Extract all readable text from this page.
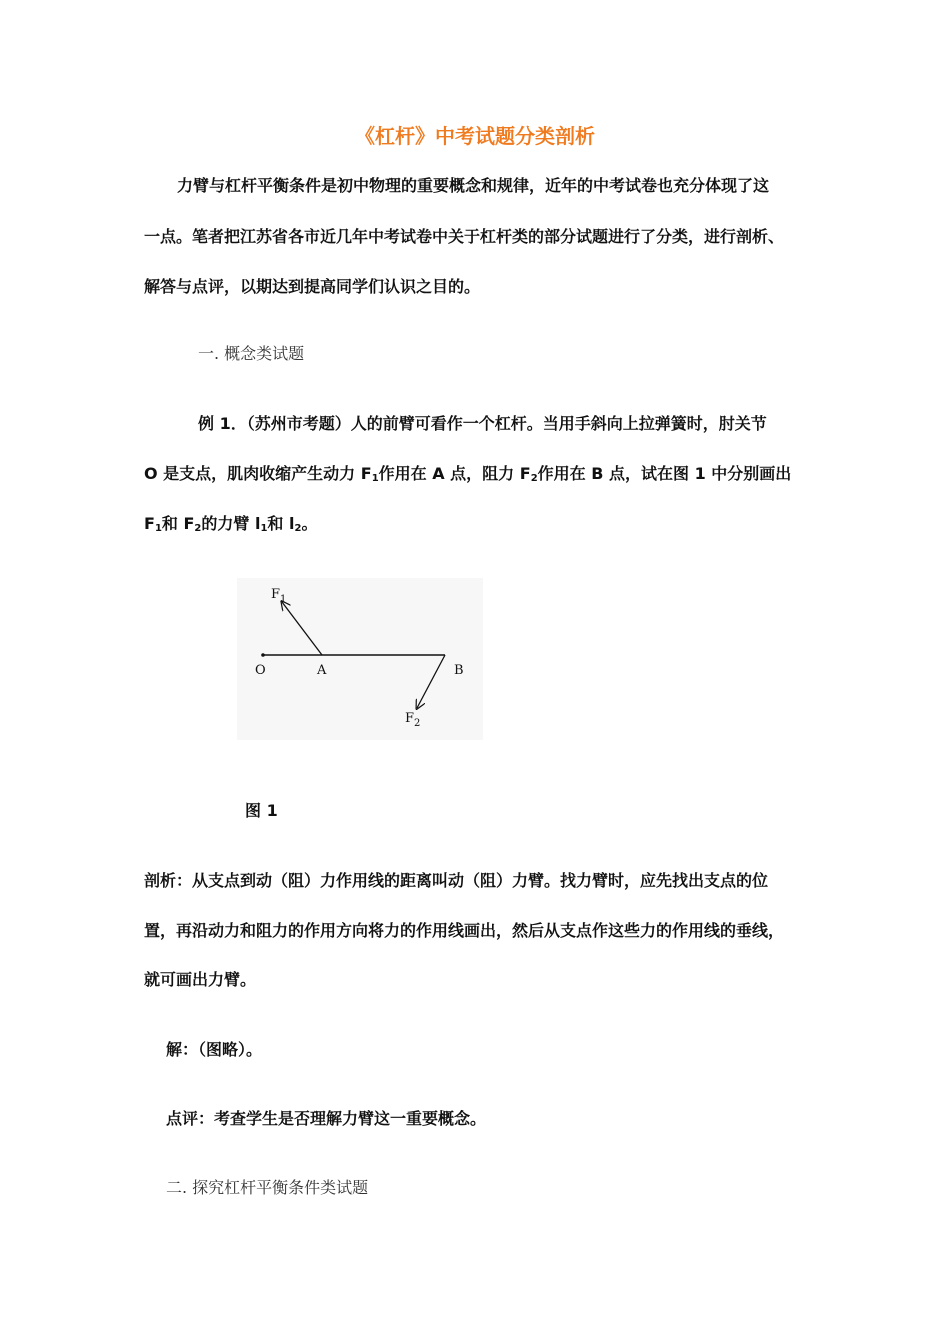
《杠杆》中考试题分类剖析
力臂与杠杆平衡条件是初中物理的重要概念和规律，近年的中考试卷也充分体现了这
一点。笔者把江苏省各市近几年中考试卷中关于杠杆类的部分试题进行了分类，进行剖析、
解答与点评，以期达到提高同学们认识之目的。
一. 概念类试题
例 1．（苏州市考题）人的前臂可看作一个杠杆。当用手斜向上拉弹簧时，肘关节
O 是支点，肌肉收缩产生动力 $F_1$作用在 A 点，阻力 $F_2$作用在 B 点，试在图 1 中分别画出
$F_1$和 $F_2$的力臂 $l_1$和 $l_2$。
$F_1$
O	A	B
$F_2$
图 1
剖析：从支点到动（阻）力作用线的距离叫动（阻）力臂。找力臂时，应先找出支点的位
置，再沿动力和阻力的作用方向将力的作用线画出，然后从支点作这些力的作用线的垂线，
就可画出力臂。
解：（图略）。
点评：考查学生是否理解力臂这一重要概念。
二. 探究杠杆平衡条件类试题
